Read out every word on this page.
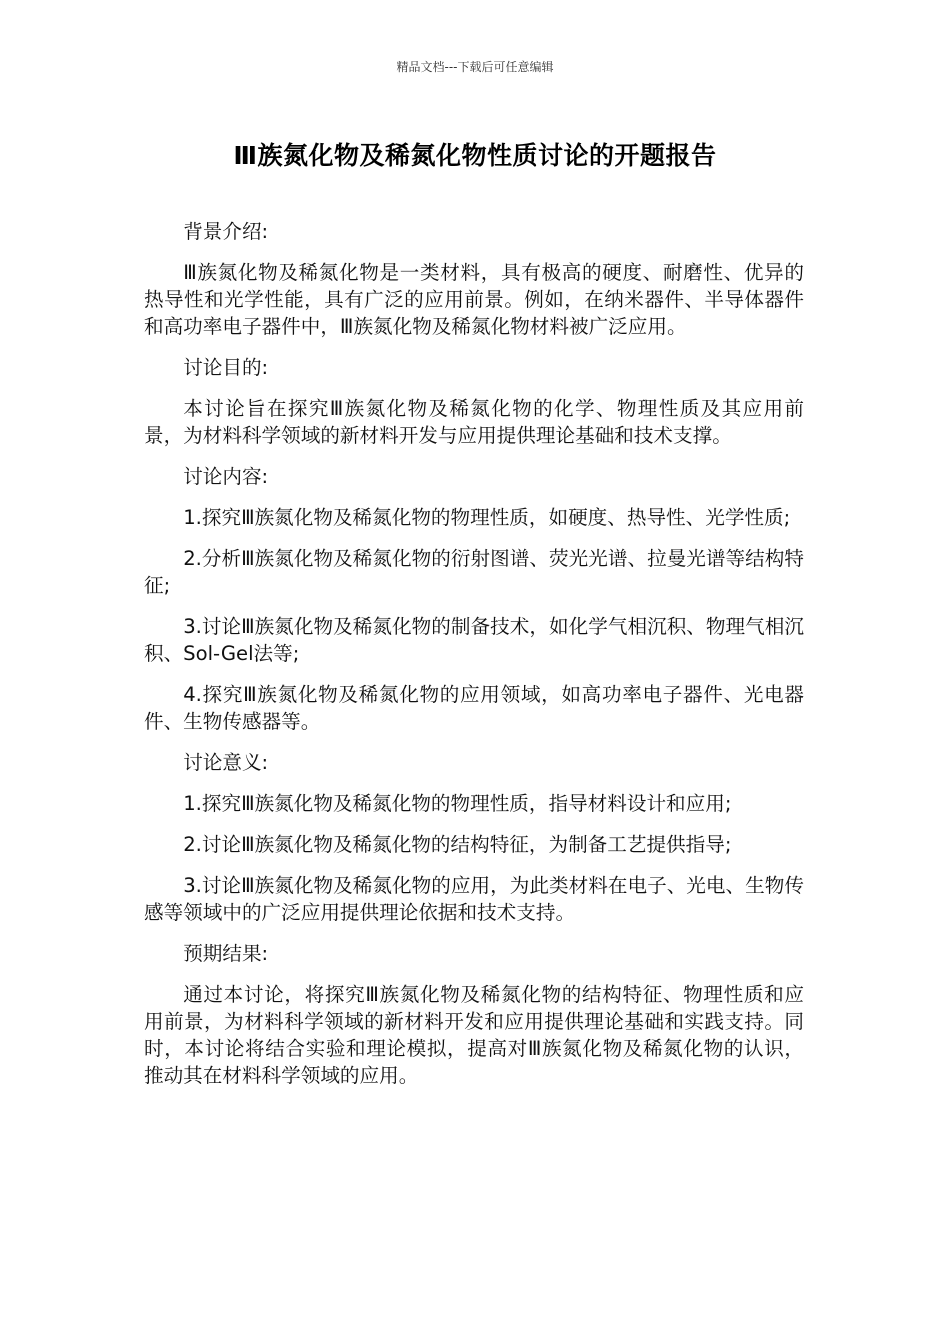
精品文档---下载后可任意编辑
Ⅲ族氮化物及稀氮化物性质讨论的开题报告

背景介绍:

Ⅲ族氮化物及稀氮化物是一类材料，具有极高的硬度、耐磨性、优异的热导性和光学性能，具有广泛的应用前景。例如，在纳米器件、半导体器件和高功率电子器件中，Ⅲ族氮化物及稀氮化物材料被广泛应用。

讨论目的:

本讨论旨在探究Ⅲ族氮化物及稀氮化物的化学、物理性质及其应用前景，为材料科学领域的新材料开发与应用提供理论基础和技术支撑。

讨论内容:

1.探究Ⅲ族氮化物及稀氮化物的物理性质，如硬度、热导性、光学性质;

2.分析Ⅲ族氮化物及稀氮化物的衍射图谱、荧光光谱、拉曼光谱等结构特征;

3.讨论Ⅲ族氮化物及稀氮化物的制备技术，如化学气相沉积、物理气相沉积、Sol-Gel法等;

4.探究Ⅲ族氮化物及稀氮化物的应用领域，如高功率电子器件、光电器件、生物传感器等。

讨论意义:

1.探究Ⅲ族氮化物及稀氮化物的物理性质，指导材料设计和应用;

2.讨论Ⅲ族氮化物及稀氮化物的结构特征，为制备工艺提供指导;

3.讨论Ⅲ族氮化物及稀氮化物的应用，为此类材料在电子、光电、生物传感等领域中的广泛应用提供理论依据和技术支持。

预期结果:

通过本讨论，将探究Ⅲ族氮化物及稀氮化物的结构特征、物理性质和应用前景，为材料科学领域的新材料开发和应用提供理论基础和实践支持。同时，本讨论将结合实验和理论模拟，提高对Ⅲ族氮化物及稀氮化物的认识，推动其在材料科学领域的应用。
